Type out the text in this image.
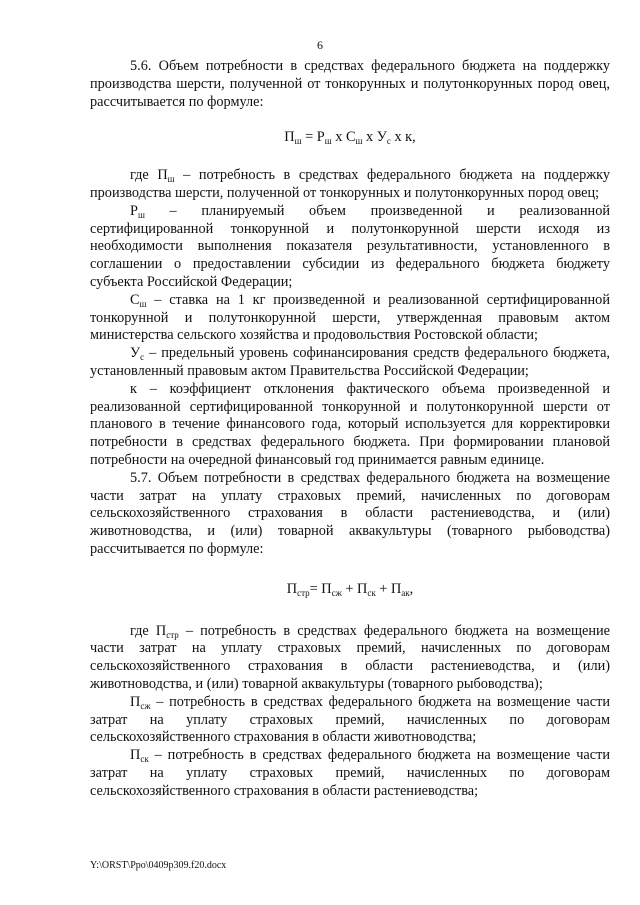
6

5.6. Объем потребности в средствах федерального бюджета на поддержку производства шерсти, полученной от тонкорунных и полутонкорунных пород овец, рассчитывается по формуле:

$П_ш = Р_ш$ х $С_ш$ х $У_с$ х к,

где $П_ш$ – потребность в средствах федерального бюджета на поддержку производства шерсти, полученной от тонкорунных и полутонкорунных пород овец;

$Р_ш$ – планируемый объем произведенной и реализованной сертифицированной тонкорунной и полутонкорунной шерсти исходя из необходимости выполнения показателя результативности, установленного в соглашении о предоставлении субсидии из федерального бюджета бюджету субъекта Российской Федерации;

$С_ш$ – ставка на 1 кг произведенной и реализованной сертифицированной тонкорунной и полутонкорунной шерсти, утвержденная правовым актом министерства сельского хозяйства и продовольствия Ростовской области;

$У_с$ – предельный уровень софинансирования средств федерального бюджета, установленный правовым актом Правительства Российской Федерации;

к – коэффициент отклонения фактического объема произведенной и реализованной сертифицированной тонкорунной и полутонкорунной шерсти от планового в течение финансового года, который используется для корректировки потребности в средствах федерального бюджета. При формировании плановой потребности на очередной финансовый год принимается равным единице.

5.7. Объем потребности в средствах федерального бюджета на возмещение части затрат на уплату страховых премий, начисленных по договорам сельскохозяйственного страхования в области растениеводства, и (или) животноводства, и (или) товарной аквакультуры (товарного рыбоводства) рассчитывается по формуле:

$П_{стр}= П_{сж} + П_{ск} + П_{ак}$,

где $П_{стр}$ – потребность в средствах федерального бюджета на возмещение части затрат на уплату страховых премий, начисленных по договорам сельскохозяйственного страхования в области растениеводства, и (или) животноводства, и (или) товарной аквакультуры (товарного рыбоводства);

$П_{сж}$ – потребность в средствах федерального бюджета на возмещение части затрат на уплату страховых премий, начисленных по договорам сельскохозяйственного страхования в области животноводства;

$П_{ск}$ – потребность в средствах федерального бюджета на возмещение части затрат на уплату страховых премий, начисленных по договорам сельскохозяйственного страхования в области растениеводства;

Y:\ORST\Ppo\0409p309.f20.docx
